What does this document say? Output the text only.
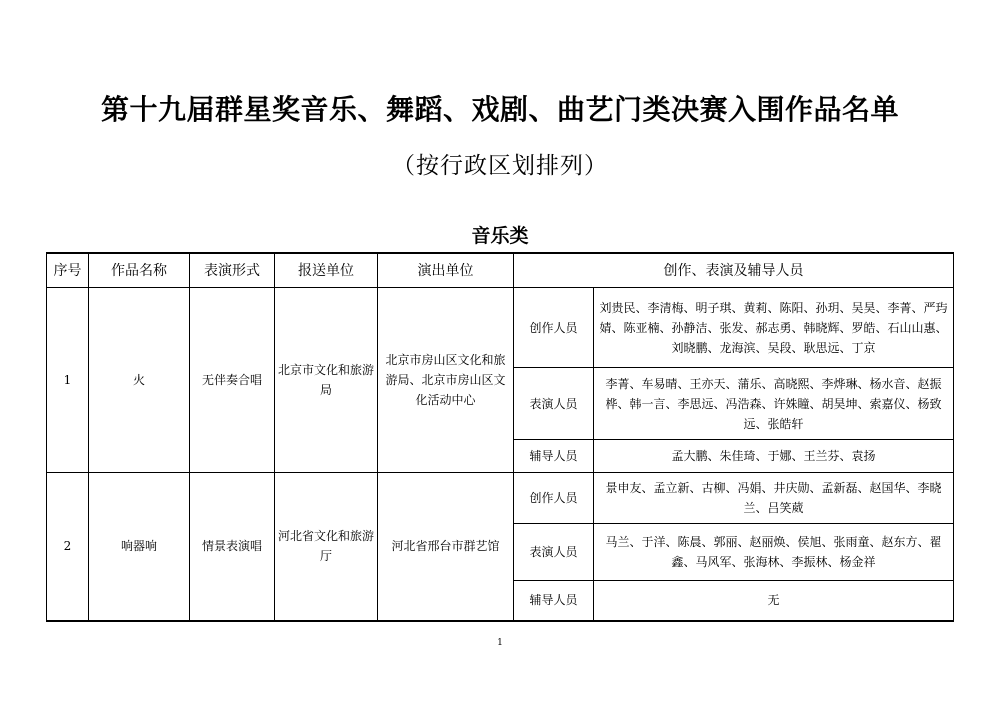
第十九届群星奖音乐、舞蹈、戏剧、曲艺门类决赛入围作品名单
（按行政区划排列）
音乐类
序号	作品名称	表演形式	报送单位	演出单位	创作、表演及辅导人员	
1	火	无伴奏合唱	北京市文化和旅游局	北京市房山区文化和旅游局、北京市房山区文化活动中心	创作人员	刘贵民、李清梅、明子琪、黄莉、陈阳、孙玥、吴昊、李菁、严玙婧、陈亚楠、孙静洁、张发、郝志勇、韩晓辉、罗皓、石山山惠、刘晓鹏、龙海滨、吴段、耿思远、丁京
					表演人员	李菁、车易晴、王亦天、蒲乐、高晓熙、李烨琳、杨水音、赵振桦、韩一言、李思远、冯浩森、许姝瞳、胡昊坤、索嘉仪、杨致远、张皓轩
					辅导人员	孟大鹏、朱佳琦、于娜、王兰芬、袁扬
2	响器响	情景表演唱	河北省文化和旅游厅	河北省邢台市群艺馆	创作人员	景申友、孟立新、古柳、冯娟、井庆勋、孟新磊、赵国华、李晓兰、吕笑葳
					表演人员	马兰、于洋、陈晨、郭丽、赵丽焕、侯旭、张雨童、赵东方、翟鑫、马风军、张海林、李振林、杨金祥
					辅导人员	无
1
